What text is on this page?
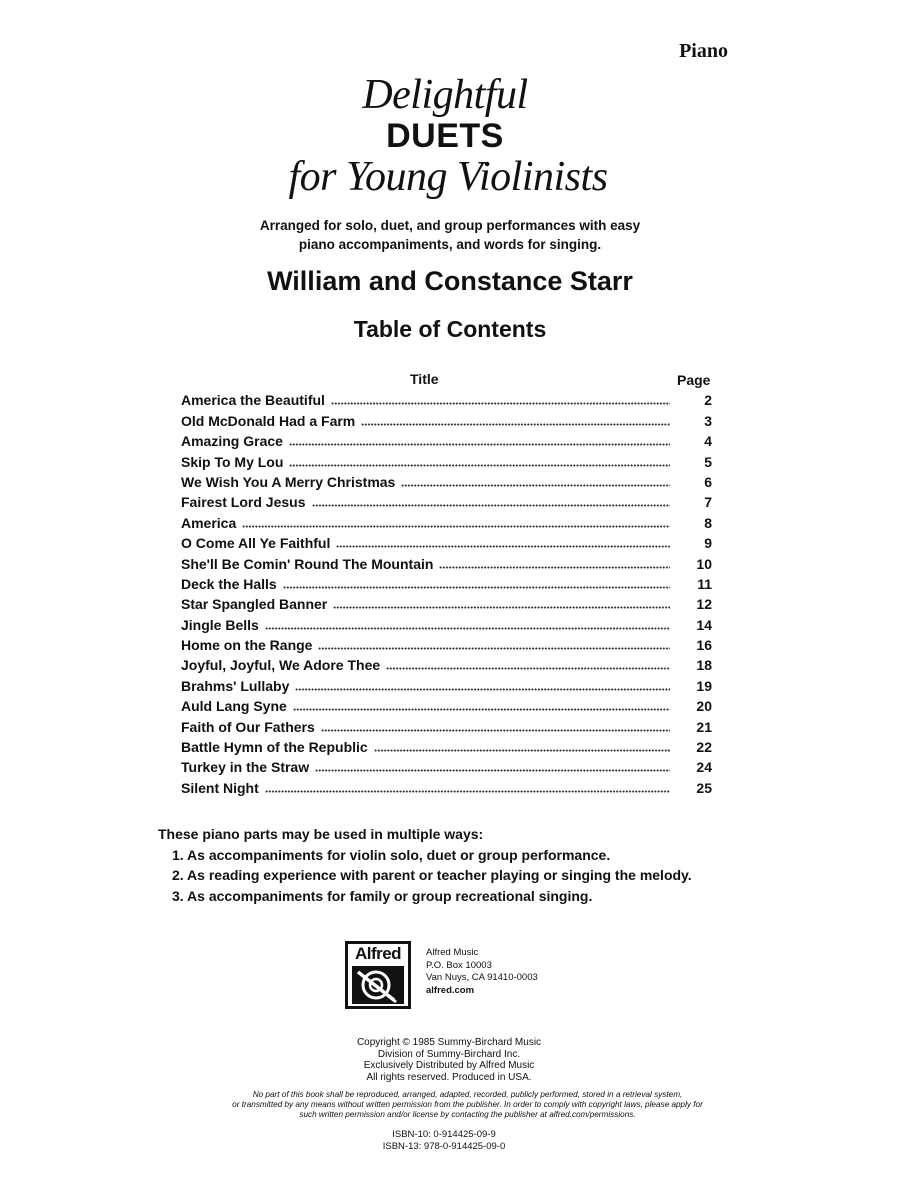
Piano
Delightful
DUETS
for Young Violinists
Arranged for solo, duet, and group performances with easy
piano accompaniments, and words for singing.
William and Constance Starr
Table of Contents
Title	Page
America the Beautiful	2
Old McDonald Had a Farm	3
Amazing Grace	4
Skip To My Lou	5
We Wish You A Merry Christmas	6
Fairest Lord Jesus	7
America	8
O Come All Ye Faithful	9
She'll Be Comin' Round The Mountain	10
Deck the Halls	11
Star Spangled Banner	12
Jingle Bells	14
Home on the Range	16
Joyful, Joyful, We Adore Thee	18
Brahms' Lullaby	19
Auld Lang Syne	20
Faith of Our Fathers	21
Battle Hymn of the Republic	22
Turkey in the Straw	24
Silent Night	25
These piano parts may be used in multiple ways:
1. As accompaniments for violin solo, duet or group performance.
2. As reading experience with parent or teacher playing or singing the melody.
3. As accompaniments for family or group recreational singing.
Alfred	Alfred Music
P.O. Box 10003
Van Nuys, CA 91410-0003
alfred.com
Copyright © 1985 Summy-Birchard Music
Division of Summy-Birchard Inc.
Exclusively Distributed by Alfred Music
All rights reserved. Produced in USA.
No part of this book shall be reproduced, arranged, adapted, recorded, publicly performed, stored in a retrieval system,
or transmitted by any means without written permission from the publisher. In order to comply with copyright laws, please apply for
such written permission and/or license by contacting the publisher at alfred.com/permissions.
ISBN-10: 0-914425-09-9
ISBN-13: 978-0-914425-09-0
